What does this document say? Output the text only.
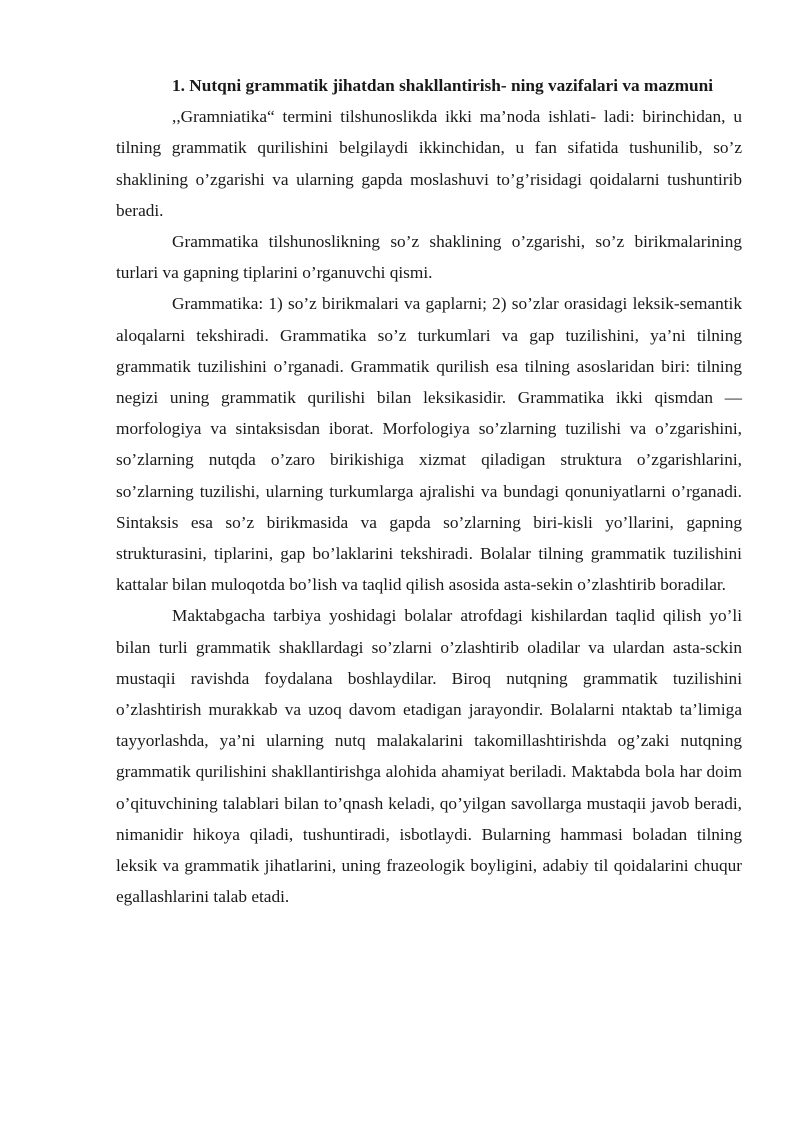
1. Nutqni grammatik jihatdan shakllantirish- ning vazifalari va mazmuni

,,Gramniatika“ termini tilshunoslikda ikki ma’noda ishlati- ladi: birinchidan, u tilning grammatik qurilishini belgilaydi ikkinchidan, u fan sifatida tushunilib, so’z shaklining o’zgarishi va ularning gapda moslashuvi to’g’risidagi qoidalarni tushuntirib beradi.

Grammatika tilshunoslikning so’z shaklining o’zgarishi, so’z birikmalarining turlari va gapning tiplarini o’rganuvchi qismi.

Grammatika: 1) so’z birikmalari va gaplarni; 2) so’zlar orasidagi leksik-semantik aloqalarni tekshiradi. Grammatika so’z turkumlari va gap tuzilishini, ya’ni tilning grammatik tuzilishini o’rganadi. Grammatik qurilish esa tilning asoslaridan biri: tilning negizi uning grammatik qurilishi bilan leksikasidir. Grammatika ikki qismdan — morfologiya va sintaksisdan iborat. Morfologiya so’zlarning tuzilishi va o’zgarishini, so’zlarning nutqda o’zaro birikishiga xizmat qiladigan struktura o’zgarishlarini, so’zlarning tuzilishi, ularning turkumlarga ajralishi va bundagi qonuniyatlarni o’rganadi. Sintaksis esa so’z birikmasida va gapda so’zlarning biri-kisli yo’llarini, gapning strukturasini, tiplarini, gap bo’laklarini tekshiradi. Bolalar tilning grammatik tuzilishini kattalar bilan muloqotda bo’lish va taqlid qilish asosida asta-sekin o’zlashtirib boradilar.

Maktabgacha tarbiya yoshidagi bolalar atrofdagi kishilardan taqlid qilish yo’li bilan turli grammatik shakllardagi so’zlarni o’zlashtirib oladilar va ulardan asta-sckin mustaqii ravishda foydalana boshlaydilar. Biroq nutqning grammatik tuzilishini o’zlashtirish murakkab va uzoq davom etadigan jarayondir. Bolalarni ntaktab ta’limiga tayyorlashda, ya’ni ularning nutq malakalarini takomillashtirishda og’zaki nutqning grammatik qurilishini shakllantirishga alohida ahamiyat beriladi. Maktabda bola har doim o’qituvchining talablari bilan to’qnash keladi, qo’yilgan savollarga mustaqii javob beradi, nimanidir hikoya qiladi, tushuntiradi, isbotlaydi. Bularning hammasi boladan tilning leksik va grammatik jihatlarini, uning frazeologik boyligini, adabiy til qoidalarini chuqur egallashlarini talab etadi.
